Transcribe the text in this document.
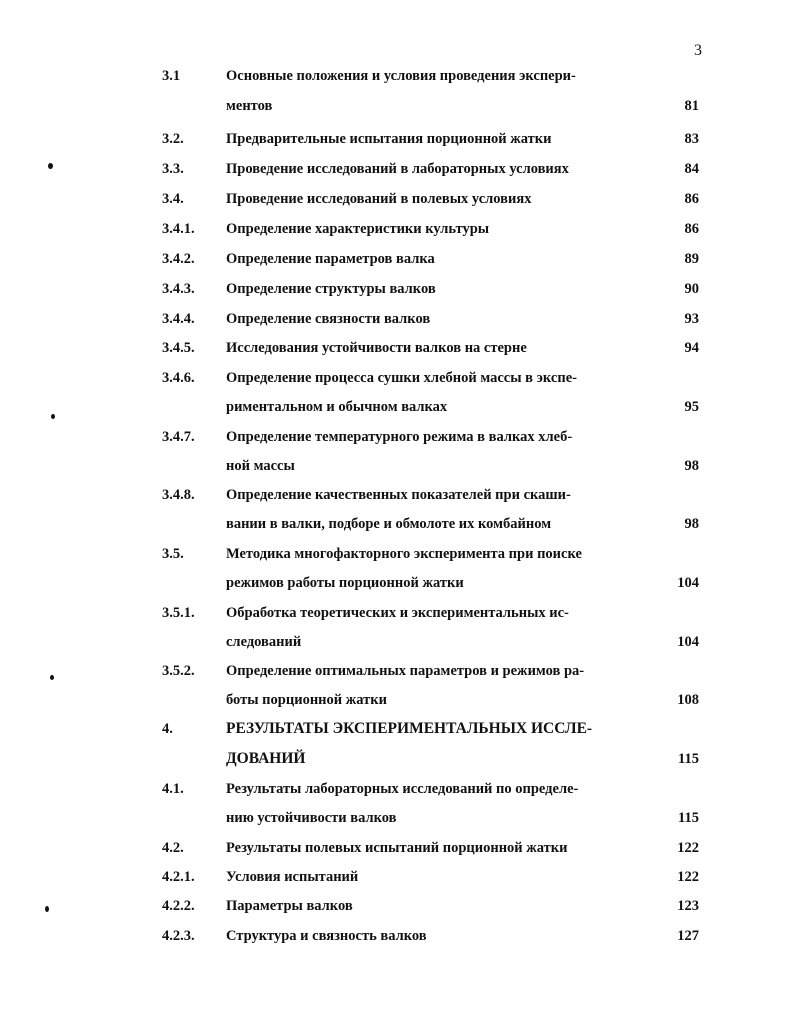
3
3.1	Основные положения и условия проведения экспери-
ментов	81
3.2.	Предварительные испытания порционной жатки	83
3.3.	Проведение исследований в лабораторных условиях	84
3.4.	Проведение исследований в полевых условиях	86
3.4.1. Определение характеристики культуры	86
3.4.2. Определение параметров валка	89
3.4.3. Определение структуры валков	90
3.4.4. Определение связности валков	93
3.4.5. Исследования устойчивости валков на стерне	94
3.4.6. Определение процесса сушки хлебной массы в экспе-
риментальном и обычном валках	95
3.4.7. Определение температурного режима в валках хлеб-
ной массы	98
3.4.8. Определение качественных показателей при скаши-
вании в валки, подборе и обмолоте их комбайном	98
3.5.	Методика многофакторного эксперимента при поиске
режимов работы порционной жатки	104
3.5.1. Обработка теоретических и экспериментальных ис-
следований	104
3.5.2. Определение оптимальных параметров и режимов ра-
боты порционной жатки	108
4.	РЕЗУЛЬТАТЫ ЭКСПЕРИМЕНТАЛЬНЫХ ИССЛЕ-
ДОВАНИЙ	115
4.1.	Результаты лабораторных исследований по определе-
нию устойчивости валков	115
4.2.	Результаты полевых испытаний порционной жатки	122
4.2.1. Условия испытаний	122
4.2.2. Параметры валков	123
4.2.3. Структура и связность валков	127
